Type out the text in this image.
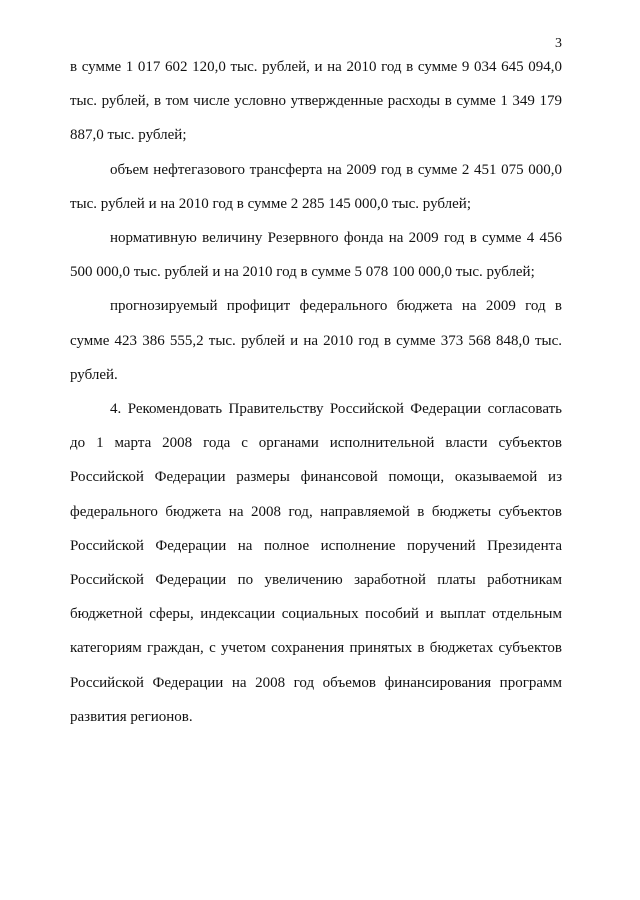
3

в сумме 1 017 602 120,0 тыс. рублей, и на 2010 год в сумме 9 034 645 094,0 тыс. рублей, в том числе условно утвержденные расходы в сумме 1 349 179 887,0 тыс. рублей;

объем нефтегазового трансферта на 2009 год в сумме 2 451 075 000,0 тыс. рублей и на 2010 год в сумме 2 285 145 000,0 тыс. рублей;

нормативную величину Резервного фонда на 2009 год в сумме 4 456 500 000,0 тыс. рублей и на 2010 год в сумме 5 078 100 000,0 тыс. рублей;

прогнозируемый профицит федерального бюджета на 2009 год в сумме 423 386 555,2 тыс. рублей и на 2010 год в сумме 373 568 848,0 тыс. рублей.

4. Рекомендовать Правительству Российской Федерации согласовать до 1 марта 2008 года с органами исполнительной власти субъектов Российской Федерации размеры финансовой помощи, оказываемой из федерального бюджета на 2008 год, направляемой в бюджеты субъектов Российской Федерации на полное исполнение поручений Президента Российской Федерации по увеличению заработной платы работникам бюджетной сферы, индексации социальных пособий и выплат отдельным категориям граждан, с учетом сохранения принятых в бюджетах субъектов Российской Федерации на 2008 год объемов финансирования программ развития регионов.
